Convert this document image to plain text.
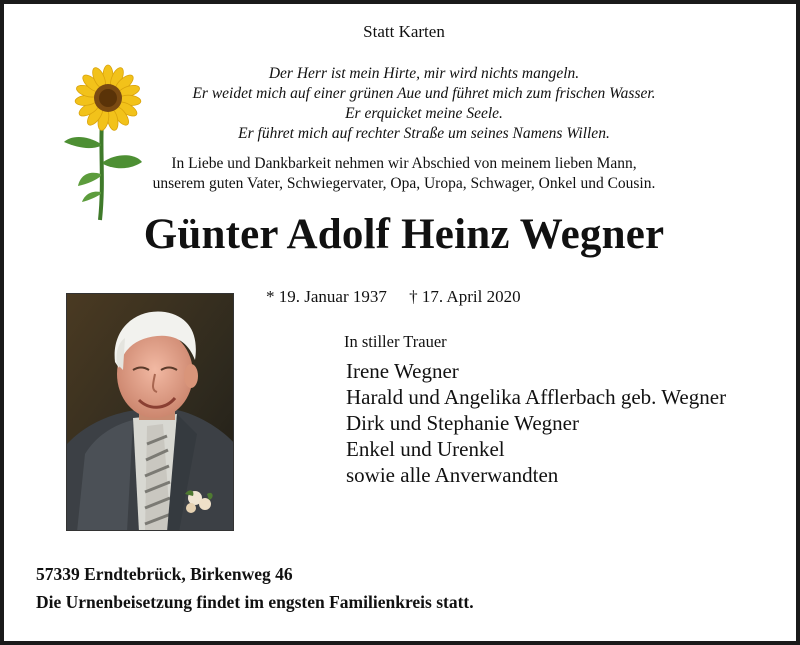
Statt Karten
Der Herr ist mein Hirte, mir wird nichts mangeln.
Er weidet mich auf einer grünen Aue und führet mich zum frischen Wasser.
Er erquicket meine Seele.
Er führet mich auf rechter Straße um seines Namens Willen.
In Liebe und Dankbarkeit nehmen wir Abschied von meinem lieben Mann,
unserem guten Vater, Schwiegervater, Opa, Uropa, Schwager, Onkel und Cousin.
Günter Adolf Heinz Wegner
* 19. Januar 1937 † 17. April 2020
In stiller Trauer
Irene Wegner
Harald und Angelika Afflerbach geb. Wegner
Dirk und Stephanie Wegner
Enkel und Urenkel
sowie alle Anverwandten
57339 Erndtebrück, Birkenweg 46
Die Urnenbeisetzung findet im engsten Familienkreis statt.
